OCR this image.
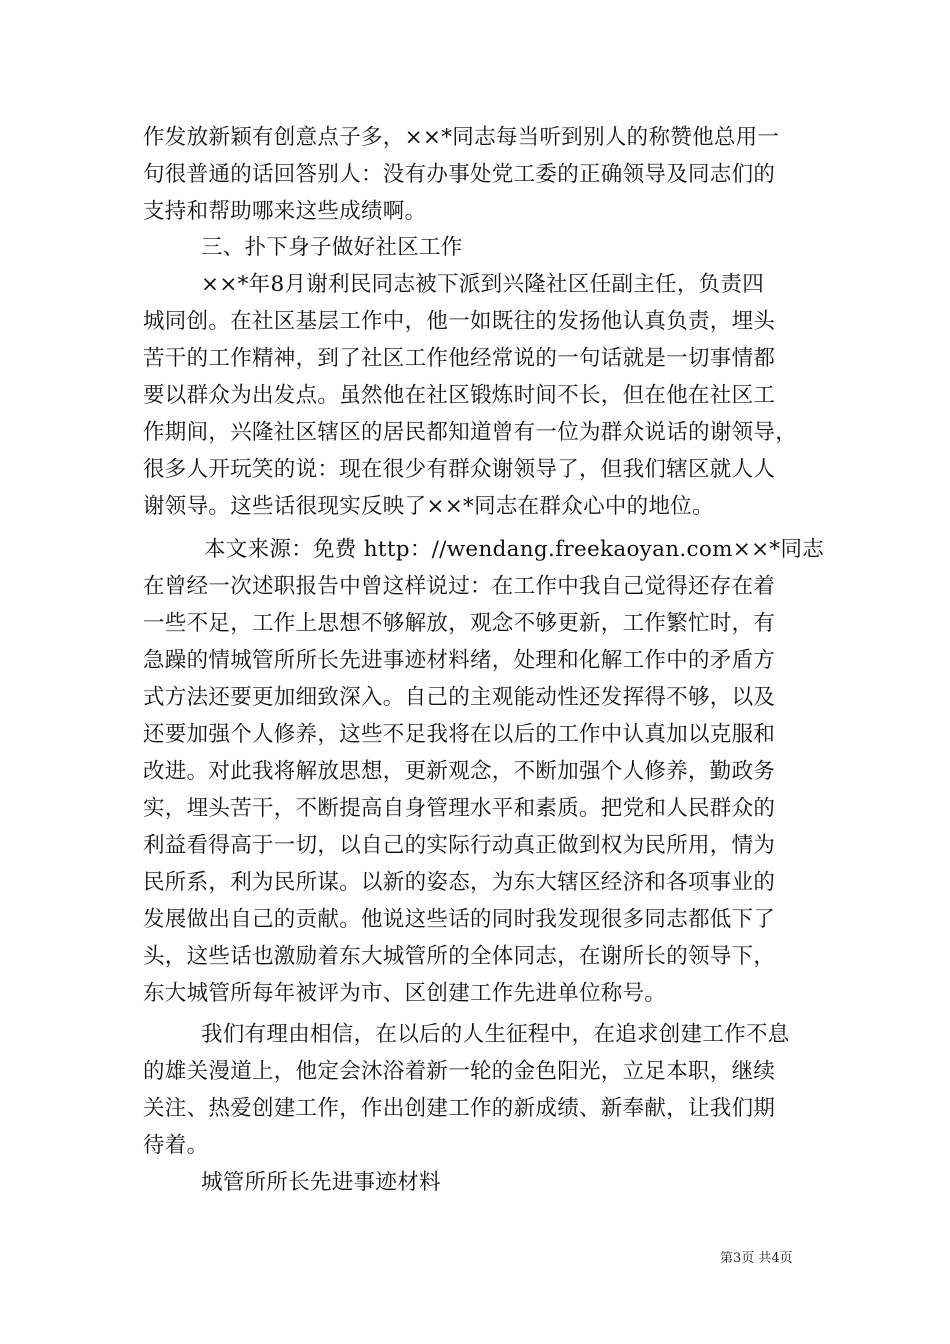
作发放新颖有创意点子多，××*同志每当听到别人的称赞他总用一
句很普通的话回答别人：没有办事处党工委的正确领导及同志们的
支持和帮助哪来这些成绩啊。
三、扑下身子做好社区工作
××*年8月谢利民同志被下派到兴隆社区任副主任，负责四
城同创。在社区基层工作中，他一如既往的发扬他认真负责，埋头
苦干的工作精神，到了社区工作他经常说的一句话就是一切事情都
要以群众为出发点。虽然他在社区锻炼时间不长，但在他在社区工
作期间，兴隆社区辖区的居民都知道曾有一位为群众说话的谢领导，
很多人开玩笑的说：现在很少有群众谢领导了，但我们辖区就人人
谢领导。这些话很现实反映了××*同志在群众心中的地位。
本文来源：免费 http：//wendang.freekaoyan.com××*同志
在曾经一次述职报告中曾这样说过：在工作中我自己觉得还存在着
一些不足，工作上思想不够解放，观念不够更新，工作繁忙时，有
急躁的情城管所所长先进事迹材料绪，处理和化解工作中的矛盾方
式方法还要更加细致深入。自己的主观能动性还发挥得不够，以及
还要加强个人修养，这些不足我将在以后的工作中认真加以克服和
改进。对此我将解放思想，更新观念，不断加强个人修养，勤政务
实，埋头苦干，不断提高自身管理水平和素质。把党和人民群众的
利益看得高于一切，以自己的实际行动真正做到权为民所用，情为
民所系，利为民所谋。以新的姿态，为东大辖区经济和各项事业的
发展做出自己的贡献。他说这些话的同时我发现很多同志都低下了
头，这些话也激励着东大城管所的全体同志，在谢所长的领导下，
东大城管所每年被评为市、区创建工作先进单位称号。
我们有理由相信，在以后的人生征程中，在追求创建工作不息
的雄关漫道上，他定会沐浴着新一轮的金色阳光，立足本职，继续
关注、热爱创建工作，作出创建工作的新成绩、新奉献，让我们期
待着。
城管所所长先进事迹材料
第3页 共4页
